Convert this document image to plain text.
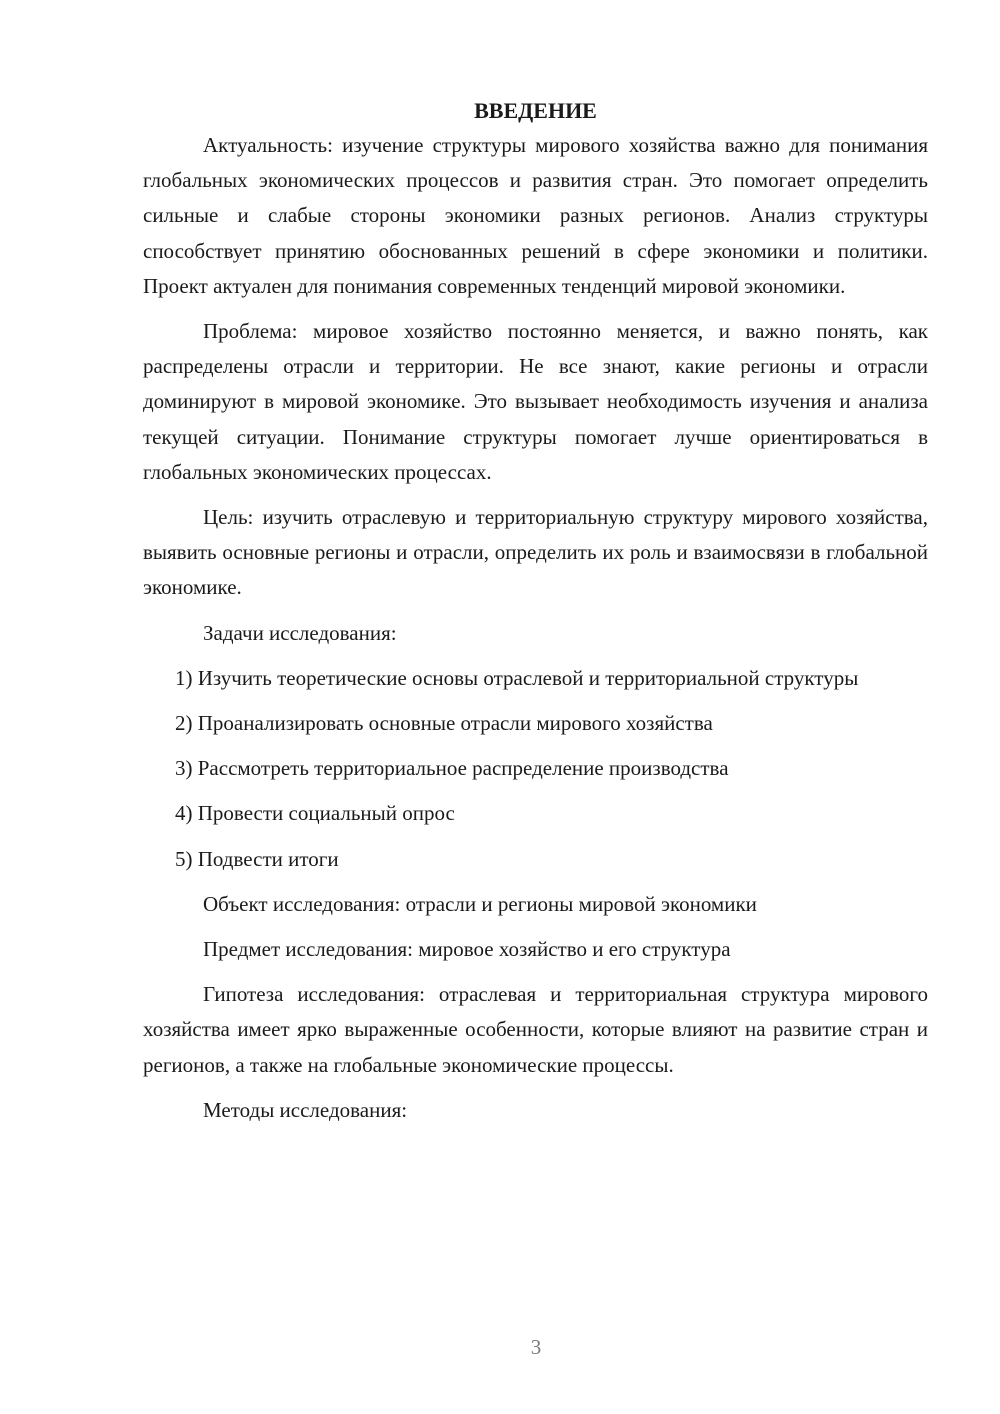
ВВЕДЕНИЕ

Актуальность: изучение структуры мирового хозяйства важно для понимания глобальных экономических процессов и развития стран. Это помогает определить сильные и слабые стороны экономики разных регионов. Анализ структуры способствует принятию обоснованных решений в сфере экономики и политики. Проект актуален для понимания современных тенденций мировой экономики.

Проблема: мировое хозяйство постоянно меняется, и важно понять, как распределены отрасли и территории. Не все знают, какие регионы и отрасли доминируют в мировой экономике. Это вызывает необходимость изучения и анализа текущей ситуации. Понимание структуры помогает лучше ориентироваться в глобальных экономических процессах.

Цель: изучить отраслевую и территориальную структуру мирового хозяйства, выявить основные регионы и отрасли, определить их роль и взаимосвязи в глобальной экономике.

Задачи исследования:

1) Изучить теоретические основы отраслевой и территориальной структуры

2) Проанализировать основные отрасли мирового хозяйства

3) Рассмотреть территориальное распределение производства

4) Провести социальный опрос

5) Подвести итоги

Объект исследования: отрасли и регионы мировой экономики

Предмет исследования: мировое хозяйство и его структура

Гипотеза исследования: отраслевая и территориальная структура мирового хозяйства имеет ярко выраженные особенности, которые влияют на развитие стран и регионов, а также на глобальные экономические процессы.

Методы исследования:

3
